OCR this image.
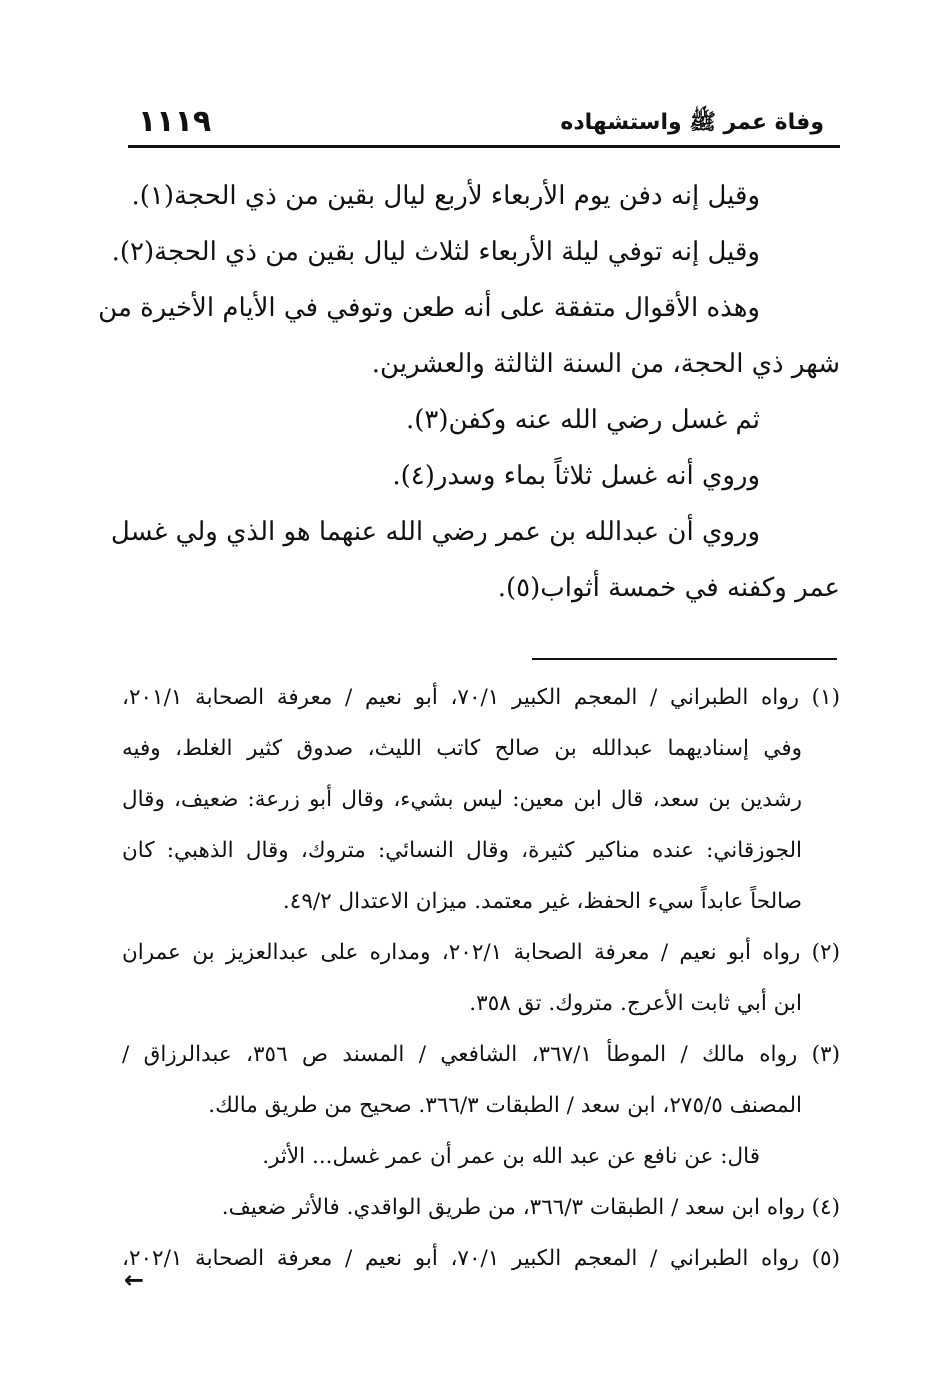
١١١٩	وفاة عمر ﷺ واستشهاده
وقيل إنه دفن يوم الأربعاء لأربع ليال بقين من ذي الحجة(١).
وقيل إنه توفي ليلة الأربعاء لثلاث ليال بقين من ذي الحجة(٢).
وهذه الأقوال متفقة على أنه طعن وتوفي في الأيام الأخيرة من
شهر ذي الحجة، من السنة الثالثة والعشرين.
ثم غسل رضي الله عنه وكفن(٣).
وروي أنه غسل ثلاثاً بماء وسدر(٤).
وروي أن عبدالله بن عمر رضي الله عنهما هو الذي ولي غسل
عمر وكفنه في خمسة أثواب(٥).
(١) رواه الطبراني / المعجم الكبير ٧٠/١، أبو نعيم / معرفة الصحابة ٢٠١/١،
وفي إسناديهما عبدالله بن صالح كاتب الليث، صدوق كثير الغلط، وفيه
رشدين بن سعد، قال ابن معين: ليس بشيء، وقال أبو زرعة: ضعيف، وقال
الجوزقاني: عنده مناكير كثيرة، وقال النسائي: متروك، وقال الذهبي: كان
صالحاً عابداً سيء الحفظ، غير معتمد. ميزان الاعتدال ٤٩/٢.
(٢) رواه أبو نعيم / معرفة الصحابة ٢٠٢/١، ومداره على عبدالعزيز بن عمران
ابن أبي ثابت الأعرج. متروك. تق ٣٥٨.
(٣) رواه مالك / الموطأ ٣٦٧/١، الشافعي / المسند ص ٣٥٦، عبدالرزاق /
المصنف ٢٧٥/٥، ابن سعد / الطبقات ٣٦٦/٣. صحيح من طريق مالك.
قال: عن نافع عن عبد الله بن عمر أن عمر غسل... الأثر.
(٤) رواه ابن سعد / الطبقات ٣٦٦/٣، من طريق الواقدي. فالأثر ضعيف.
(٥) رواه الطبراني / المعجم الكبير ٧٠/١، أبو نعيم / معرفة الصحابة ٢٠٢/١،
←
